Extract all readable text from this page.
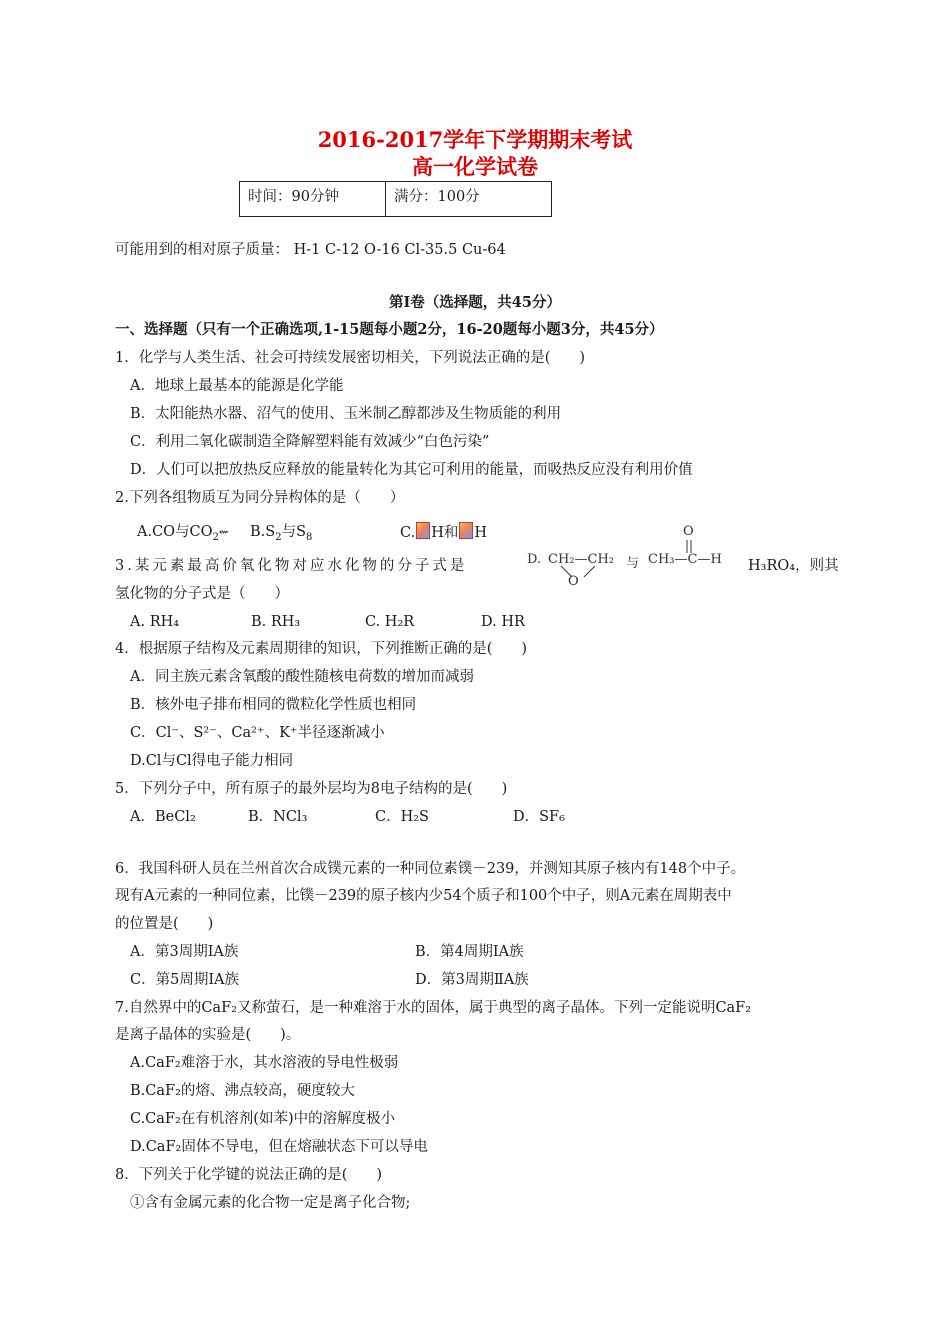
2016-2017学年下学期期末考试
高一化学试卷
时间：90分钟	满分：100分
可能用到的相对原子质量： H-1 C-12 O-16 Cl-35.5 Cu-64
第Ⅰ卷（选择题，共45分）
一、选择题（只有一个正确选项,1-15题每小题2分，16-20题每小题3分，共45分）
1．化学与人类生活、社会可持续发展密切相关，下列说法正确的是(　　)
A．地球上最基本的能源是化学能
B．太阳能热水器、沼气的使用、玉米制乙醇都涉及生物质能的利用
C．利用二氧化碳制造全降解塑料能有效减少“白色污染”
D．人们可以把放热反应释放的能量转化为其它可利用的能量，而吸热反应没有利用价值
2.下列各组物质互为同分异构体的是（　　）
A.CO与$CO_2⇜$ $B.S_2$与$S_8$	C. H和 H
D. CH₂—CH₂
O
与 CH₃—C—H
O
3.某元素最高价氧化物对应水化物的分子式是	H₃RO₄，则其
氢化物的分子式是（　　）
A. RH₄	B. RH₃	C. H₂R	D. HR
4．根据原子结构及元素周期律的知识，下列推断正确的是(　　)
A．同主族元素含氧酸的酸性随核电荷数的增加而减弱
B．核外电子排布相同的微粒化学性质也相同
C．Cl⁻、S²⁻、Ca²⁺、K⁺半径逐渐减小
D.Cl与Cl得电子能力相同
5．下列分子中，所有原子的最外层均为8电子结构的是(　　)
A．BeCl₂	B．NCl₃	C．H₂S	D．SF₆
6．我国科研人员在兰州首次合成镤元素的一种同位素镤－239，并测知其原子核内有148个中子。
现有A元素的一种同位素，比镤－239的原子核内少54个质子和100个中子，则A元素在周期表中
的位置是(　　)
A．第3周期ⅠA族	B．第4周期ⅠA族
C．第5周期ⅠA族	D．第3周期ⅡA族
7.自然界中的CaF₂又称萤石，是一种难溶于水的固体，属于典型的离子晶体。下列一定能说明CaF₂
是离子晶体的实验是(　　)。
A.CaF₂难溶于水，其水溶液的导电性极弱
B.CaF₂的熔、沸点较高，硬度较大
C.CaF₂在有机溶剂(如苯)中的溶解度极小
D.CaF₂固体不导电，但在熔融状态下可以导电
8．下列关于化学键的说法正确的是(　　)
①含有金属元素的化合物一定是离子化合物;
